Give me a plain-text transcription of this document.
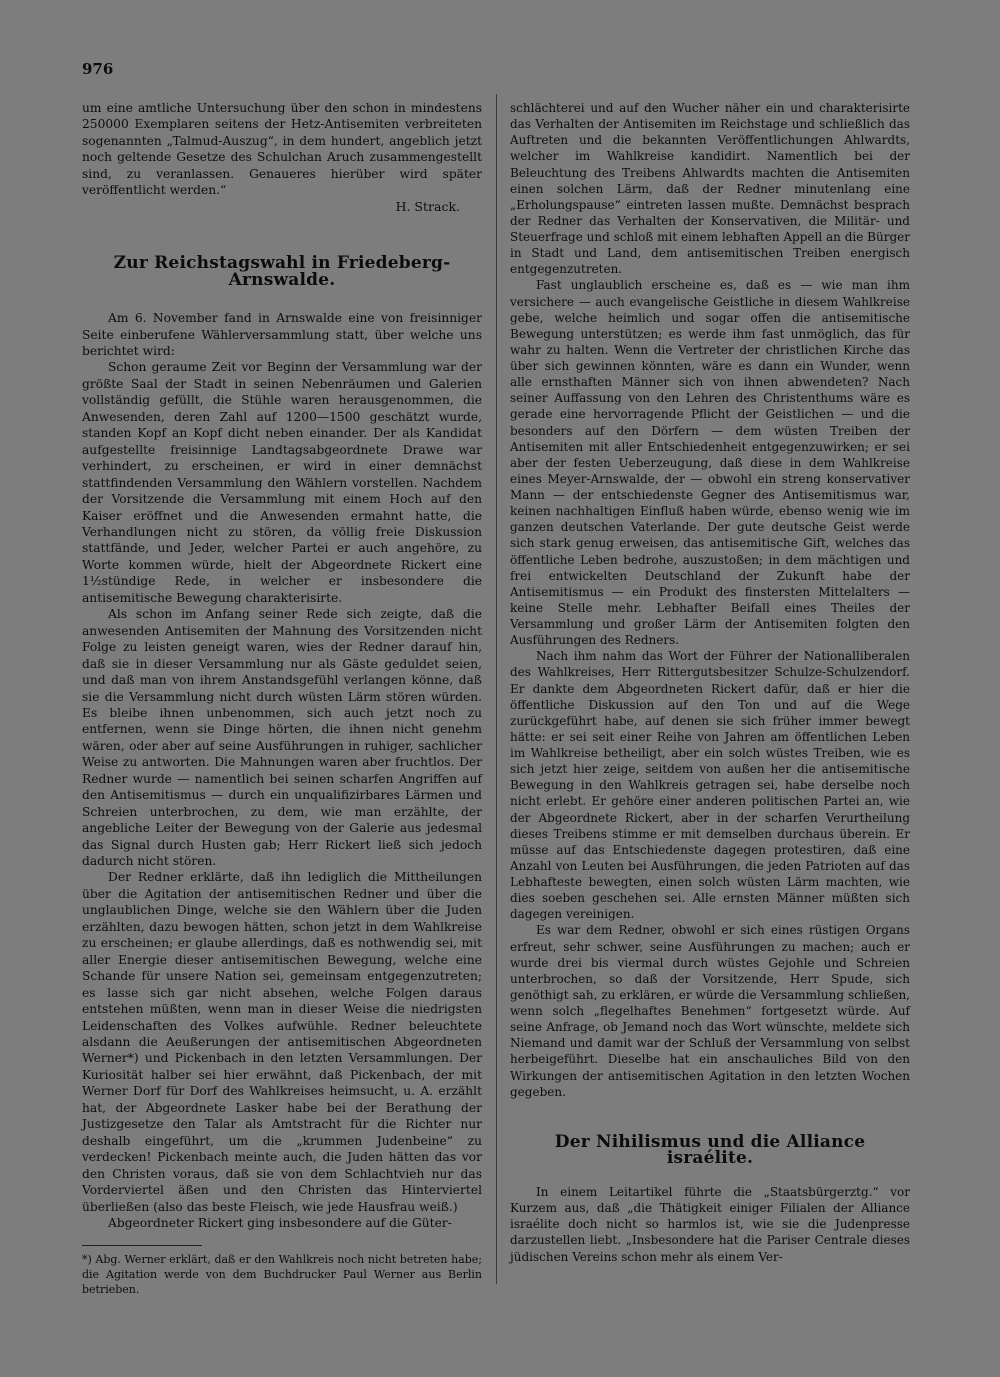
976

um eine amtliche Untersuchung über den schon in mindestens 250000 Exemplaren seitens der Hetz-Antisemiten verbreiteten sogenannten „Talmud-Auszug“, in dem hundert, angeblich jetzt noch geltende Gesetze des Schulchan Aruch zusammengestellt sind, zu veranlassen. Genaueres hierüber wird später veröffentlicht werden.“

H. Strack.

Zur Reichstagswahl in Friedeberg-Arnswalde.

Am 6. November fand in Arnswalde eine von freisinniger Seite einberufene Wählerversammlung statt, über welche uns berichtet wird:

Schon geraume Zeit vor Beginn der Versammlung war der größte Saal der Stadt in seinen Nebenräumen und Galerien vollständig gefüllt, die Stühle waren herausgenommen, die Anwesenden, deren Zahl auf 1200—1500 geschätzt wurde, standen Kopf an Kopf dicht neben einander. Der als Kandidat aufgestellte freisinnige Landtagsabgeordnete Drawe war verhindert, zu erscheinen, er wird in einer demnächst stattfindenden Versammlung den Wählern vorstellen. Nachdem der Vorsitzende die Versammlung mit einem Hoch auf den Kaiser eröffnet und die Anwesenden ermahnt hatte, die Verhandlungen nicht zu stören, da völlig freie Diskussion stattfände, und Jeder, welcher Partei er auch angehöre, zu Worte kommen würde, hielt der Abgeordnete Rickert eine 1½stündige Rede, in welcher er insbesondere die antisemitische Bewegung charakterisirte.

Als schon im Anfang seiner Rede sich zeigte, daß die anwesenden Antisemiten der Mahnung des Vorsitzenden nicht Folge zu leisten geneigt waren, wies der Redner darauf hin, daß sie in dieser Versammlung nur als Gäste geduldet seien, und daß man von ihrem Anstandsgefühl verlangen könne, daß sie die Versammlung nicht durch wüsten Lärm stören würden. Es bleibe ihnen unbenommen, sich auch jetzt noch zu entfernen, wenn sie Dinge hörten, die ihnen nicht genehm wären, oder aber auf seine Ausführungen in ruhiger, sachlicher Weise zu antworten. Die Mahnungen waren aber fruchtlos. Der Redner wurde — namentlich bei seinen scharfen Angriffen auf den Antisemitismus — durch ein unqualifizirbares Lärmen und Schreien unterbrochen, zu dem, wie man erzählte, der angebliche Leiter der Bewegung von der Galerie aus jedesmal das Signal durch Husten gab; Herr Rickert ließ sich jedoch dadurch nicht stören.

Der Redner erklärte, daß ihn lediglich die Mittheilungen über die Agitation der antisemitischen Redner und über die unglaublichen Dinge, welche sie den Wählern über die Juden erzählten, dazu bewogen hätten, schon jetzt in dem Wahlkreise zu erscheinen; er glaube allerdings, daß es nothwendig sei, mit aller Energie dieser antisemitischen Bewegung, welche eine Schande für unsere Nation sei, gemeinsam entgegenzutreten; es lasse sich gar nicht absehen, welche Folgen daraus entstehen müßten, wenn man in dieser Weise die niedrigsten Leidenschaften des Volkes aufwühle. Redner beleuchtete alsdann die Aeußerungen der antisemitischen Abgeordneten Werner*) und Pickenbach in den letzten Versammlungen. Der Kuriosität halber sei hier erwähnt, daß Pickenbach, der mit Werner Dorf für Dorf des Wahlkreises heimsucht, u. A. erzählt hat, der Abgeordnete Lasker habe bei der Berathung der Justizgesetze den Talar als Amtstracht für die Richter nur deshalb eingeführt, um die „krummen Judenbeine“ zu verdecken! Pickenbach meinte auch, die Juden hätten das vor den Christen voraus, daß sie von dem Schlachtvieh nur das Vorderviertel äßen und den Christen das Hinterviertel überließen (also das beste Fleisch, wie jede Hausfrau weiß.)

Abgeordneter Rickert ging insbesondere auf die Güter-

*) Abg. Werner erklärt, daß er den Wahlkreis noch nicht betreten habe; die Agitation werde von dem Buchdrucker Paul Werner aus Berlin betrieben.

schlächterei und auf den Wucher näher ein und charakterisirte das Verhalten der Antisemiten im Reichstage und schließlich das Auftreten und die bekannten Veröffentlichungen Ahlwardts, welcher im Wahlkreise kandidirt. Namentlich bei der Beleuchtung des Treibens Ahlwardts machten die Antisemiten einen solchen Lärm, daß der Redner minutenlang eine „Erholungspause“ eintreten lassen mußte. Demnächst besprach der Redner das Verhalten der Konservativen, die Militär- und Steuerfrage und schloß mit einem lebhaften Appell an die Bürger in Stadt und Land, dem antisemitischen Treiben energisch entgegenzutreten.

Fast unglaublich erscheine es, daß es — wie man ihm versichere — auch evangelische Geistliche in diesem Wahlkreise gebe, welche heimlich und sogar offen die antisemitische Bewegung unterstützen; es werde ihm fast unmöglich, das für wahr zu halten. Wenn die Vertreter der christlichen Kirche das über sich gewinnen könnten, wäre es dann ein Wunder, wenn alle ernsthaften Männer sich von ihnen abwendeten? Nach seiner Auffassung von den Lehren des Christenthums wäre es gerade eine hervorragende Pflicht der Geistlichen — und die besonders auf den Dörfern — dem wüsten Treiben der Antisemiten mit aller Entschiedenheit entgegenzuwirken; er sei aber der festen Ueberzeugung, daß diese in dem Wahlkreise eines Meyer-Arnswalde, der — obwohl ein streng konservativer Mann — der entschiedenste Gegner des Antisemitismus war, keinen nachhaltigen Einfluß haben würde, ebenso wenig wie im ganzen deutschen Vaterlande. Der gute deutsche Geist werde sich stark genug erweisen, das antisemitische Gift, welches das öffentliche Leben bedrohe, auszustoßen; in dem mächtigen und frei entwickelten Deutschland der Zukunft habe der Antisemitismus — ein Produkt des finstersten Mittelalters — keine Stelle mehr. Lebhafter Beifall eines Theiles der Versammlung und großer Lärm der Antisemiten folgten den Ausführungen des Redners.

Nach ihm nahm das Wort der Führer der Nationalliberalen des Wahlkreises, Herr Rittergutsbesitzer Schulze-Schulzendorf. Er dankte dem Abgeordneten Rickert dafür, daß er hier die öffentliche Diskussion auf den Ton und auf die Wege zurückgeführt habe, auf denen sie sich früher immer bewegt hätte: er sei seit einer Reihe von Jahren am öffentlichen Leben im Wahlkreise betheiligt, aber ein solch wüstes Treiben, wie es sich jetzt hier zeige, seitdem von außen her die antisemitische Bewegung in den Wahlkreis getragen sei, habe derselbe noch nicht erlebt. Er gehöre einer anderen politischen Partei an, wie der Abgeordnete Rickert, aber in der scharfen Verurtheilung dieses Treibens stimme er mit demselben durchaus überein. Er müsse auf das Entschiedenste dagegen protestiren, daß eine Anzahl von Leuten bei Ausführungen, die jeden Patrioten auf das Lebhafteste bewegten, einen solch wüsten Lärm machten, wie dies soeben geschehen sei. Alle ernsten Männer müßten sich dagegen vereinigen.

Es war dem Redner, obwohl er sich eines rüstigen Organs erfreut, sehr schwer, seine Ausführungen zu machen; auch er wurde drei bis viermal durch wüstes Gejohle und Schreien unterbrochen, so daß der Vorsitzende, Herr Spude, sich genöthigt sah, zu erklären, er würde die Versammlung schließen, wenn solch „flegelhaftes Benehmen“ fortgesetzt würde. Auf seine Anfrage, ob Jemand noch das Wort wünschte, meldete sich Niemand und damit war der Schluß der Versammlung von selbst herbeigeführt. Dieselbe hat ein anschauliches Bild von den Wirkungen der antisemitischen Agitation in den letzten Wochen gegeben.

Der Nihilismus und die Alliance israélite.

In einem Leitartikel führte die „Staatsbürgerztg.“ vor Kurzem aus, daß „die Thätigkeit einiger Filialen der Alliance israélite doch nicht so harmlos ist, wie sie die Judenpresse darzustellen liebt. „Insbesondere hat die Pariser Centrale dieses jüdischen Vereins schon mehr als einem Ver-
